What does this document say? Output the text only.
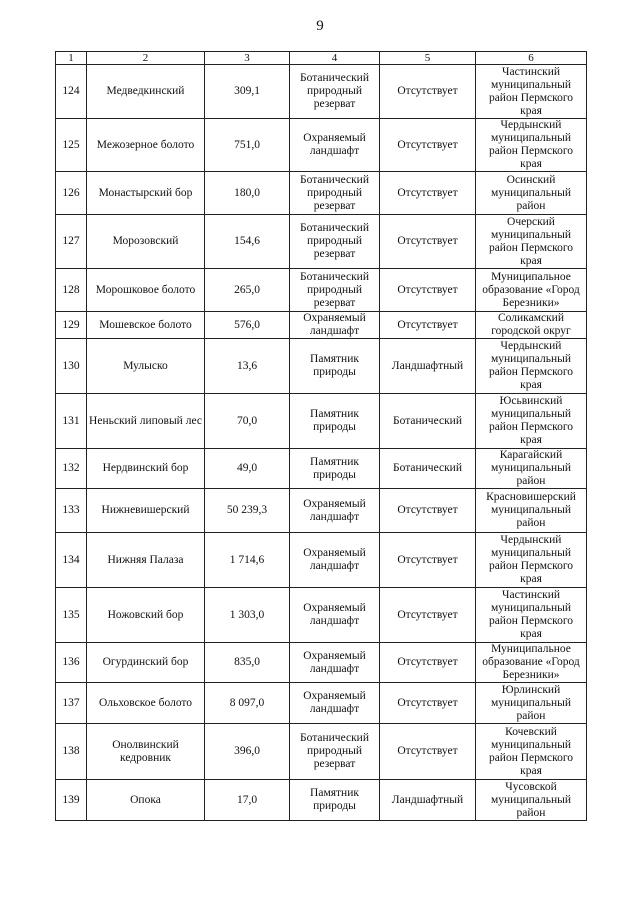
9
1	2	3	4	5	6
124	Медведкинский	309,1	Ботанический природный резерват	Отсутствует	Частинский муниципальный район Пермского края
125	Межозерное болото	751,0	Охраняемый ландшафт	Отсутствует	Чердынский муниципальный район Пермского края
126	Монастырский бор	180,0	Ботанический природный резерват	Отсутствует	Осинский муниципальный район
127	Морозовский	154,6	Ботанический природный резерват	Отсутствует	Очерский муниципальный район Пермского края
128	Морошковое болото	265,0	Ботанический природный резерват	Отсутствует	Муниципальное образование «Город Березники»
129	Мошевское болото	576,0	Охраняемый ландшафт	Отсутствует	Соликамский городской округ
130	Мулыско	13,6	Памятник природы	Ландшафтный	Чердынский муниципальный район Пермского края
131	Неньский липовый лес	70,0	Памятник природы	Ботанический	Юсьвинский муниципальный район Пермского края
132	Нердвинский бор	49,0	Памятник природы	Ботанический	Карагайский муниципальный район
133	Нижневишерский	50 239,3	Охраняемый ландшафт	Отсутствует	Красновишерский муниципальный район
134	Нижняя Палаза	1 714,6	Охраняемый ландшафт	Отсутствует	Чердынский муниципальный район Пермского края
135	Ножовский бор	1 303,0	Охраняемый ландшафт	Отсутствует	Частинский муниципальный район Пермского края
136	Огурдинский бор	835,0	Охраняемый ландшафт	Отсутствует	Муниципальное образование «Город Березники»
137	Ольховское болото	8 097,0	Охраняемый ландшафт	Отсутствует	Юрлинский муниципальный район
138	Онолвинский кедровник	396,0	Ботанический природный резерват	Отсутствует	Кочевский муниципальный район Пермского края
139	Опока	17,0	Памятник природы	Ландшафтный	Чусовской муниципальный район
